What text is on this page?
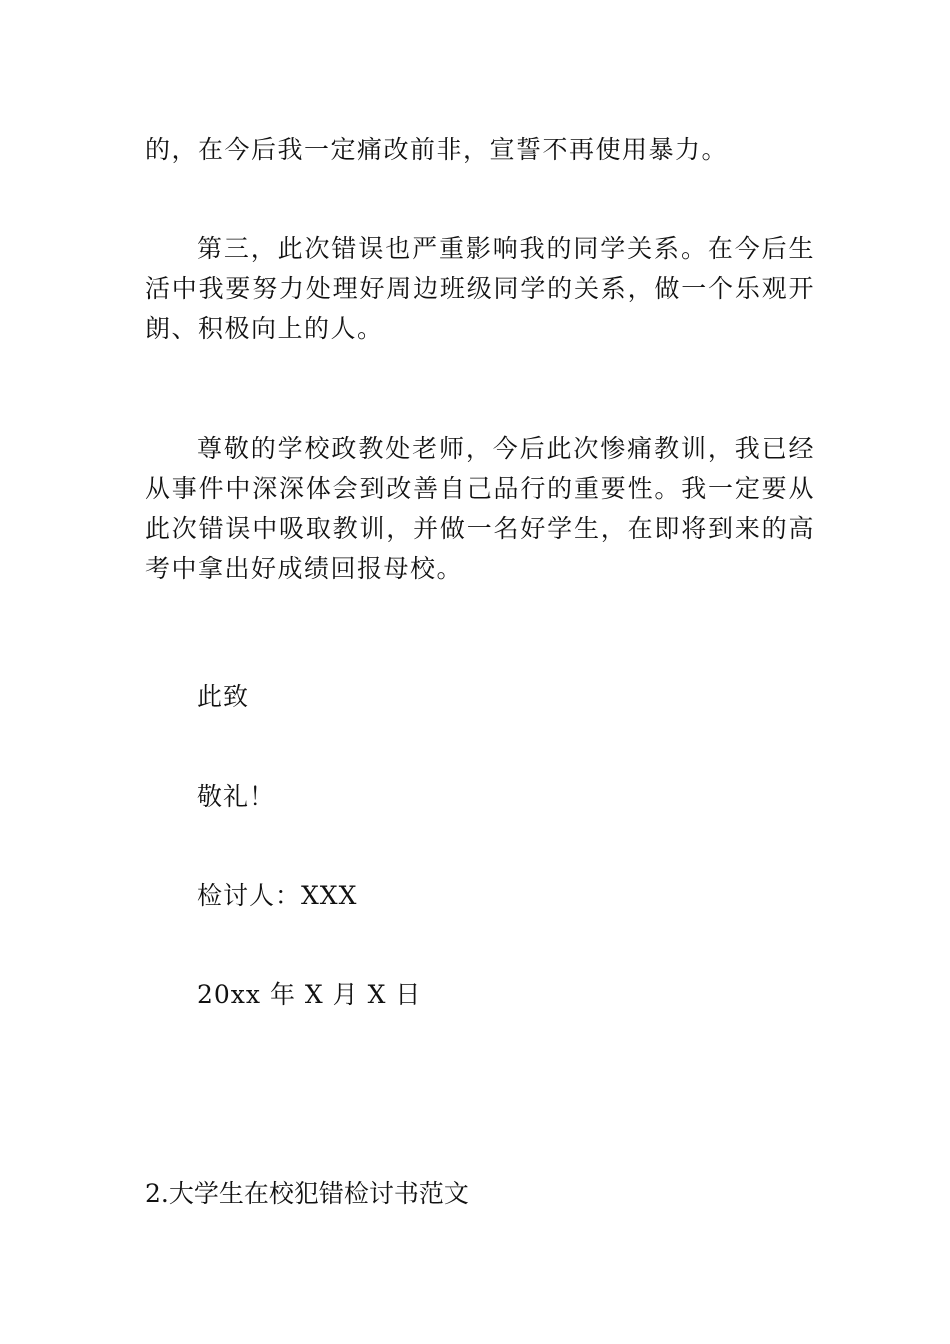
的，在今后我一定痛改前非，宣誓不再使用暴力。

第三，此次错误也严重影响我的同学关系。在今后生活中我要努力处理好周边班级同学的关系，做一个乐观开朗、积极向上的人。

尊敬的学校政教处老师，今后此次惨痛教训，我已经从事件中深深体会到改善自己品行的重要性。我一定要从此次错误中吸取教训，并做一名好学生，在即将到来的高考中拿出好成绩回报母校。

此致

敬礼！

检讨人：XXX

20xx 年 X 月 X 日

2.大学生在校犯错检讨书范文
